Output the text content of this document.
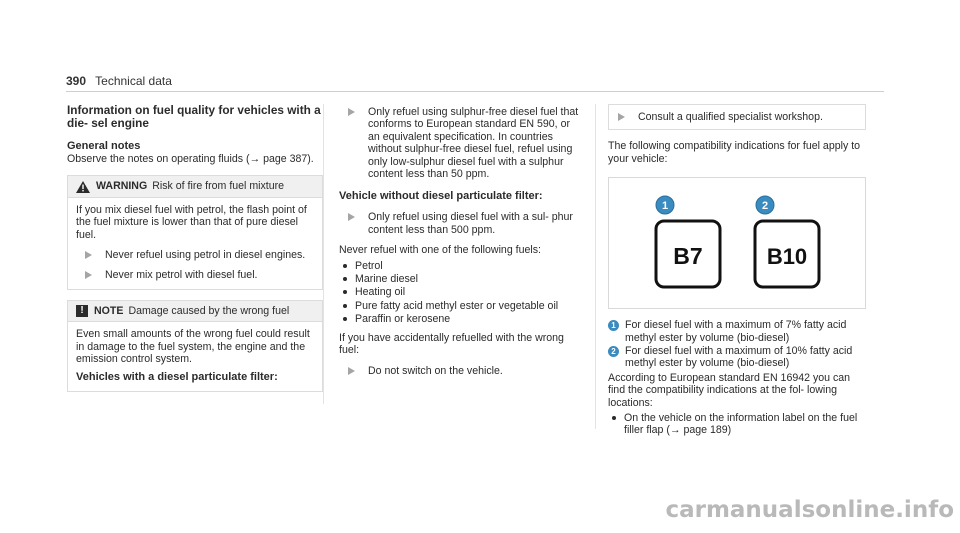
390 Technical data

Information on fuel quality for vehicles with a die- sel engine

General notes

Observe the notes on operating fluids (→ page 387).

WARNING Risk of fire from fuel mixture

If you mix diesel fuel with petrol, the flash point of the fuel mixture is lower than that of pure diesel fuel.

Never refuel using petrol in diesel engines.
Never mix petrol with diesel fuel.
! NOTE Damage caused by the wrong fuel

Even small amounts of the wrong fuel could result in damage to the fuel system, the engine and the emission control system.

Vehicles with a diesel particulate filter:

Only refuel using sulphur-free diesel fuel that conforms to European standard EN 590, or an equivalent specification. In countries without sulphur-free diesel fuel, refuel using only low-sulphur diesel fuel with a sulphur content less than 50 ppm.

Vehicle without diesel particulate filter:

Only refuel using diesel fuel with a sul- phur content less than 500 ppm.

Never refuel with one of the following fuels:

Petrol
Marine diesel
Heating oil
Pure fatty acid methyl ester or vegetable oil
Paraffin or kerosene

If you have accidentally refuelled with the wrong fuel:

Do not switch on the vehicle.
Consult a qualified specialist workshop.

The following compatibility indications for fuel apply to your vehicle:

1	2
B7	B10
1 For diesel fuel with a maximum of 7% fatty acid methyl ester by volume (bio-diesel)
2 For diesel fuel with a maximum of 10% fatty acid methyl ester by volume (bio-diesel)

According to European standard EN 16942 you can find the compatibility indications at the fol- lowing locations:

On the vehicle on the information label on the fuel filler flap (→ page 189)
carmanualsonline.info
